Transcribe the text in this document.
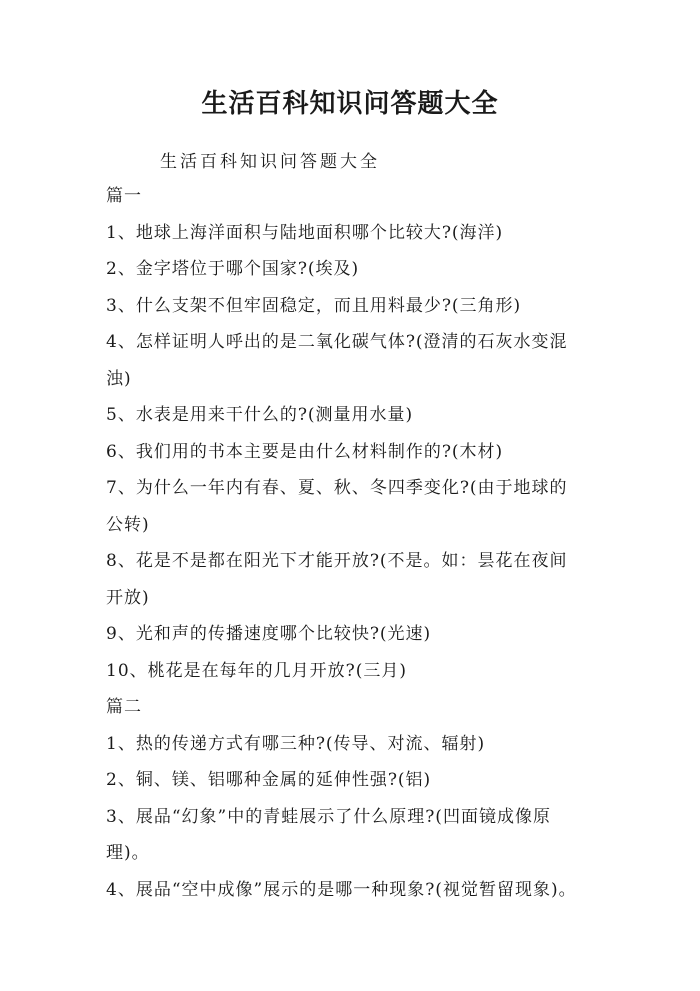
生活百科知识问答题大全
生活百科知识问答题大全
篇一
1、地球上海洋面积与陆地面积哪个比较大?(海洋)
2、金字塔位于哪个国家?(埃及)
3、什么支架不但牢固稳定，而且用料最少?(三角形)
4、怎样证明人呼出的是二氧化碳气体?(澄清的石灰水变混
浊)
5、水表是用来干什么的?(测量用水量)
6、我们用的书本主要是由什么材料制作的?(木材)
7、为什么一年内有春、夏、秋、冬四季变化?(由于地球的
公转)
8、花是不是都在阳光下才能开放?(不是。如：昙花在夜间
开放)
9、光和声的传播速度哪个比较快?(光速)
10、桃花是在每年的几月开放?(三月)
篇二
1、热的传递方式有哪三种?(传导、对流、辐射)
2、铜、镁、铝哪种金属的延伸性强?(铝)
3、展品“幻象”中的青蛙展示了什么原理?(凹面镜成像原
理)。
4、展品“空中成像”展示的是哪一种现象?(视觉暂留现象)。
